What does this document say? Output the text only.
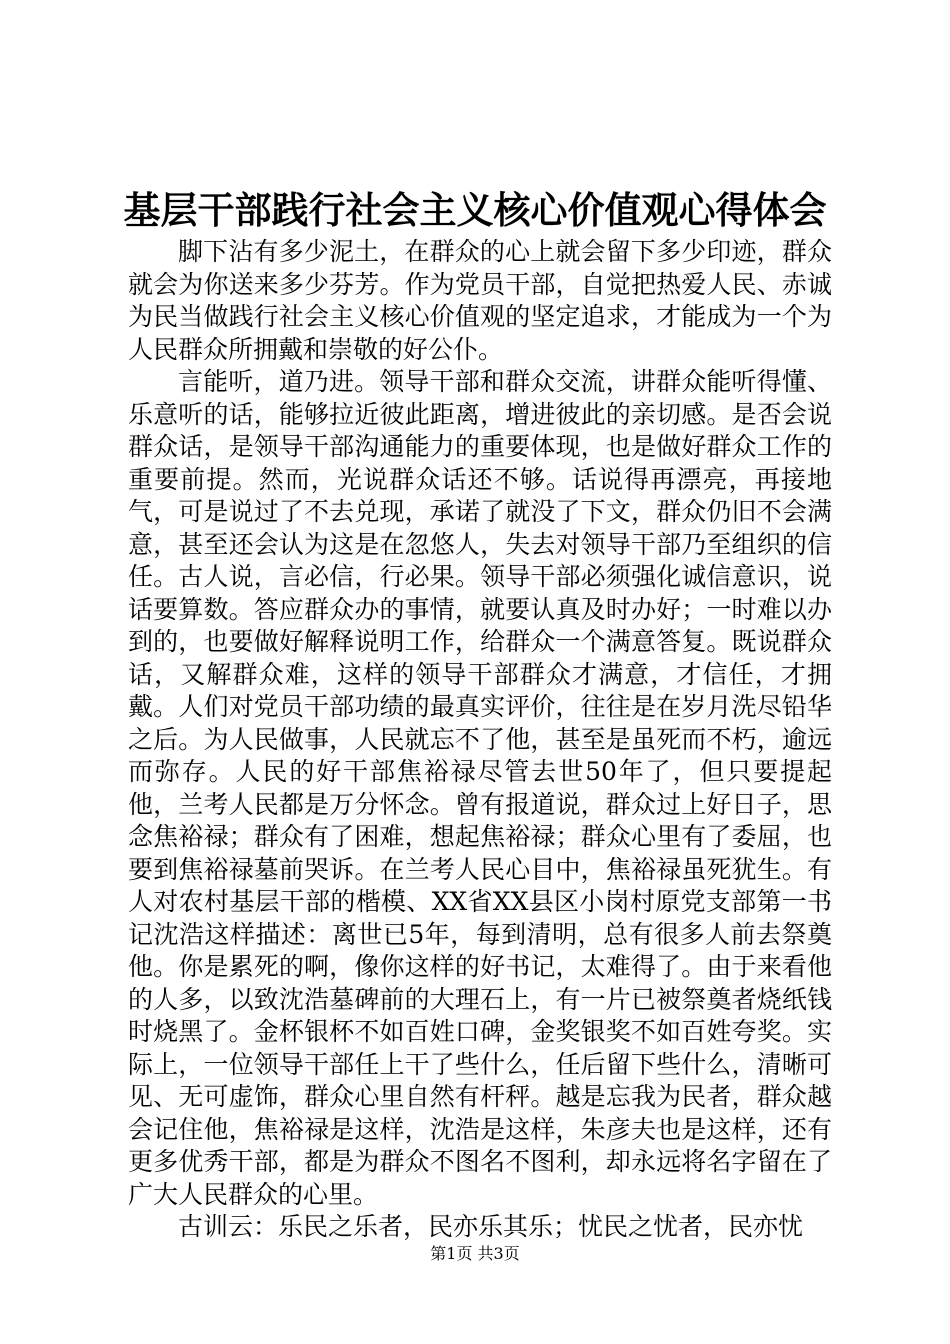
基层干部践行社会主义核心价值观心得体会

脚下沾有多少泥土，在群众的心上就会留下多少印迹，群众就会为你送来多少芬芳。作为党员干部，自觉把热爱人民、赤诚为民当做践行社会主义核心价值观的坚定追求，才能成为一个为人民群众所拥戴和崇敬的好公仆。

言能听，道乃进。领导干部和群众交流，讲群众能听得懂、乐意听的话，能够拉近彼此距离，增进彼此的亲切感。是否会说群众话，是领导干部沟通能力的重要体现，也是做好群众工作的重要前提。然而，光说群众话还不够。话说得再漂亮，再接地气，可是说过了不去兑现，承诺了就没了下文，群众仍旧不会满意，甚至还会认为这是在忽悠人，失去对领导干部乃至组织的信任。古人说，言必信，行必果。领导干部必须强化诚信意识，说话要算数。答应群众办的事情，就要认真及时办好；一时难以办到的，也要做好解释说明工作，给群众一个满意答复。既说群众话，又解群众难，这样的领导干部群众才满意，才信任，才拥戴。人们对党员干部功绩的最真实评价，往往是在岁月洗尽铅华之后。为人民做事，人民就忘不了他，甚至是虽死而不朽，逾远而弥存。人民的好干部焦裕禄尽管去世50年了，但只要提起他，兰考人民都是万分怀念。曾有报道说，群众过上好日子，思念焦裕禄；群众有了困难，想起焦裕禄；群众心里有了委屈，也要到焦裕禄墓前哭诉。在兰考人民心目中，焦裕禄虽死犹生。有人对农村基层干部的楷模、XX省XX县区小岗村原党支部第一书记沈浩这样描述：离世已5年，每到清明，总有很多人前去祭奠他。你是累死的啊，像你这样的好书记，太难得了。由于来看他的人多，以致沈浩墓碑前的大理石上，有一片已被祭奠者烧纸钱时烧黑了。金杯银杯不如百姓口碑，金奖银奖不如百姓夸奖。实际上，一位领导干部任上干了些什么，任后留下些什么，清晰可见、无可虚饰，群众心里自然有杆秤。越是忘我为民者，群众越会记住他，焦裕禄是这样，沈浩是这样，朱彦夫也是这样，还有更多优秀干部，都是为群众不图名不图利，却永远将名字留在了广大人民群众的心里。

古训云：乐民之乐者，民亦乐其乐；忧民之忧者，民亦忧

第1页 共3页
